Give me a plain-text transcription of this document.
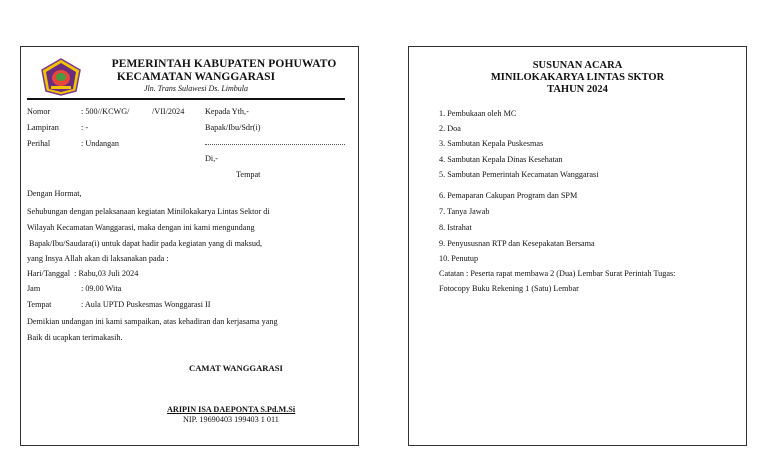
PEMERINTAH KABUPATEN POHUWATO
KECAMATAN WANGGARASI
Jln. Trans Sulawesi Ds. Limbula
Nomor	: 500//KCWG/	/VII/2024
Lampiran	: -
Perihal	: Undangan
Kepada Yth,-
Bapak/Ibu/Sdr(i)
Di,-
Tempat
Dengan Hormat,
Sehubungan dengan pelaksanaan kegiatan Minilokakarya Lintas Sektor di
Wilayah Kecamatan Wanggarasi, maka dengan ini kami mengundang
Bapak/Ibu/Saudara(i) untuk dapat hadir pada kegiatan yang di maksud,
yang Insya Allah akan di laksanakan pada :
Hari/Tanggal  : Rabu,03 Juli 2024
Jam	: 09.00 Wita
Tempat	: Aula UPTD Puskesmas Wonggarasi II
Demikian undangan ini kami sampaikan, atas kehadiran dan kerjasama yang
Baik di ucapkan terimakasih.
CAMAT WANGGARASI
ARIPIN ISA DAEPONTA S.Pd.M.Si
NIP. 19690403 199403 1 011
SUSUNAN ACARA
MINILOKAKARYA LINTAS SKTOR
TAHUN 2024
1. Pembukaan oleh MC
2. Doa
3. Sambutan Kepala Puskesmas
4. Sambutan Kepala Dinas Kesehatan
5. Sambutan Pemerintah Kecamatan Wanggarasi
6. Pemaparan Cakupan Program dan SPM
7. Tanya Jawab
8. Istrahat
9. Penyususnan RTP dan Kesepakatan Bersama
10. Penutup
Catatan : Peserta rapat membawa 2 (Dua) Lembar Surat Perintah Tugas:
Fotocopy Buku Rekening 1 (Satu) Lembar
